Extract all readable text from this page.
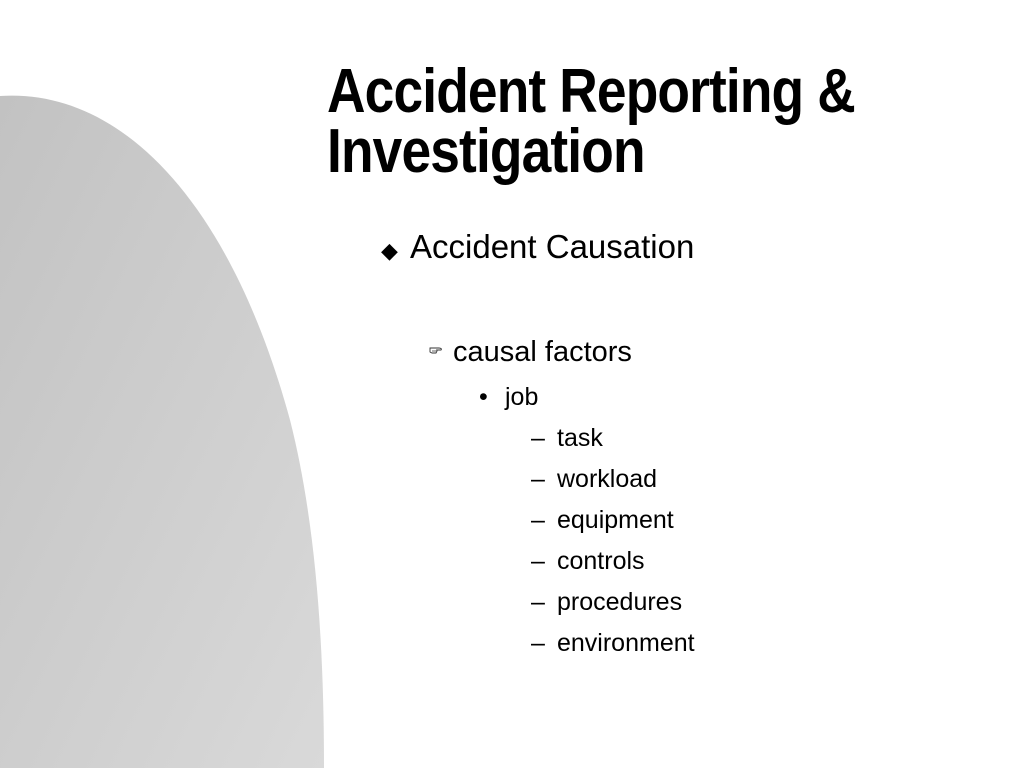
Accident Reporting &
Investigation
◆ Accident Causation
causal factors
• job
– task
– workload
– equipment
– controls
– procedures
– environment
